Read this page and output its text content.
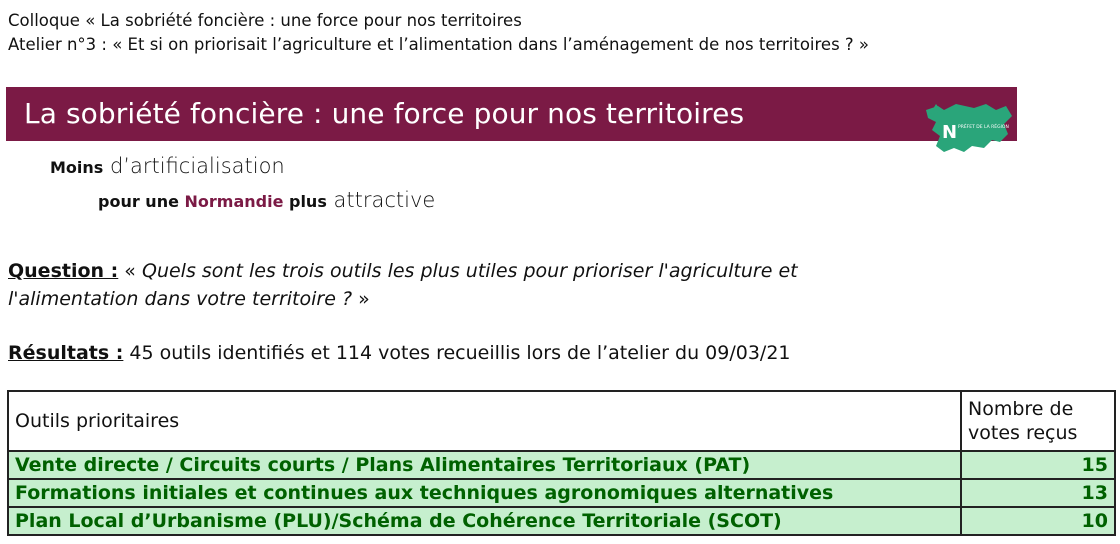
Colloque « La sobriété foncière : une force pour nos territoires
Atelier n°3 : « Et si on priorisait l’agriculture et l’alimentation dans l’aménagement de nos territoires ? »
La sobriété foncière : une force pour nos territoires
N PRÉFET DE LA RÉGION
Moins d’artificialisation
pour une Normandie plus attractive
Question : « Quels sont les trois outils les plus utiles pour prioriser l'agriculture et
l'alimentation dans votre territoire ? »
Résultats : 45 outils identifiés et 114 votes recueillis lors de l’atelier du 09/03/21
Outils prioritaires	Nombre de votes reçus
Vente directe / Circuits courts / Plans Alimentaires Territoriaux (PAT)	15
Formations initiales et continues aux techniques agronomiques alternatives	13
Plan Local d’Urbanisme (PLU)/Schéma de Cohérence Territoriale (SCOT)	10
